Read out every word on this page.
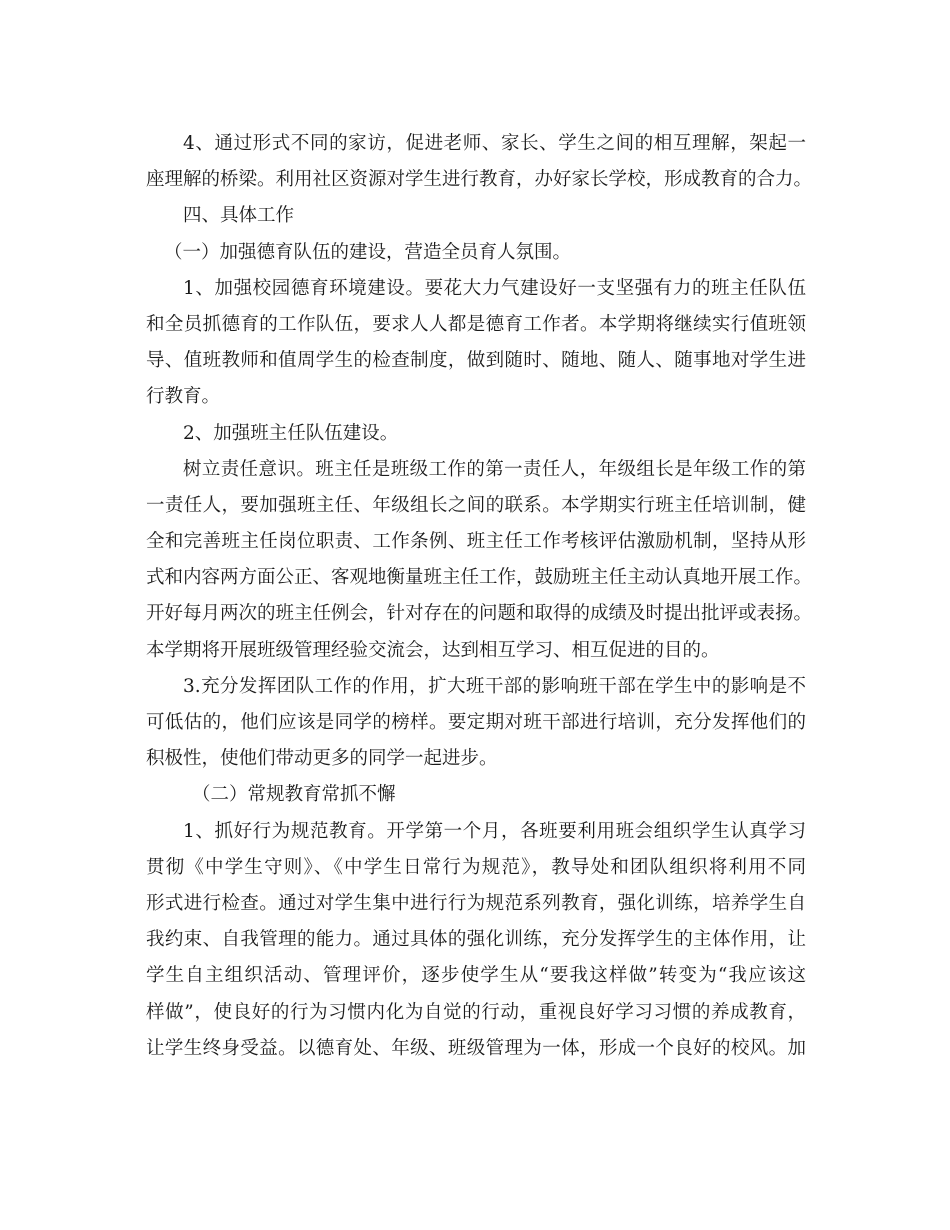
4、通过形式不同的家访，促进老师、家长、学生之间的相互理解，架起一
座理解的桥梁。利用社区资源对学生进行教育，办好家长学校，形成教育的合力。
四、具体工作
（一）加强德育队伍的建设，营造全员育人氛围。
1、加强校园德育环境建设。要花大力气建设好一支坚强有力的班主任队伍
和全员抓德育的工作队伍，要求人人都是德育工作者。本学期将继续实行值班领
导、值班教师和值周学生的检查制度，做到随时、随地、随人、随事地对学生进
行教育。
2、加强班主任队伍建设。
树立责任意识。班主任是班级工作的第一责任人，年级组长是年级工作的第
一责任人，要加强班主任、年级组长之间的联系。本学期实行班主任培训制，健
全和完善班主任岗位职责、工作条例、班主任工作考核评估激励机制，坚持从形
式和内容两方面公正、客观地衡量班主任工作，鼓励班主任主动认真地开展工作。
开好每月两次的班主任例会，针对存在的问题和取得的成绩及时提出批评或表扬。
本学期将开展班级管理经验交流会，达到相互学习、相互促进的目的。
3.充分发挥团队工作的作用，扩大班干部的影响班干部在学生中的影响是不
可低估的，他们应该是同学的榜样。要定期对班干部进行培训，充分发挥他们的
积极性，使他们带动更多的同学一起进步。
（二）常规教育常抓不懈
1、抓好行为规范教育。开学第一个月，各班要利用班会组织学生认真学习
贯彻《中学生守则》、《中学生日常行为规范》，教导处和团队组织将利用不同
形式进行检查。通过对学生集中进行行为规范系列教育，强化训练，培养学生自
我约束、自我管理的能力。通过具体的强化训练，充分发挥学生的主体作用，让
学生自主组织活动、管理评价，逐步使学生从“要我这样做”转变为“我应该这
样做”，使良好的行为习惯内化为自觉的行动，重视良好学习习惯的养成教育，
让学生终身受益。以德育处、年级、班级管理为一体，形成一个良好的校风。加
